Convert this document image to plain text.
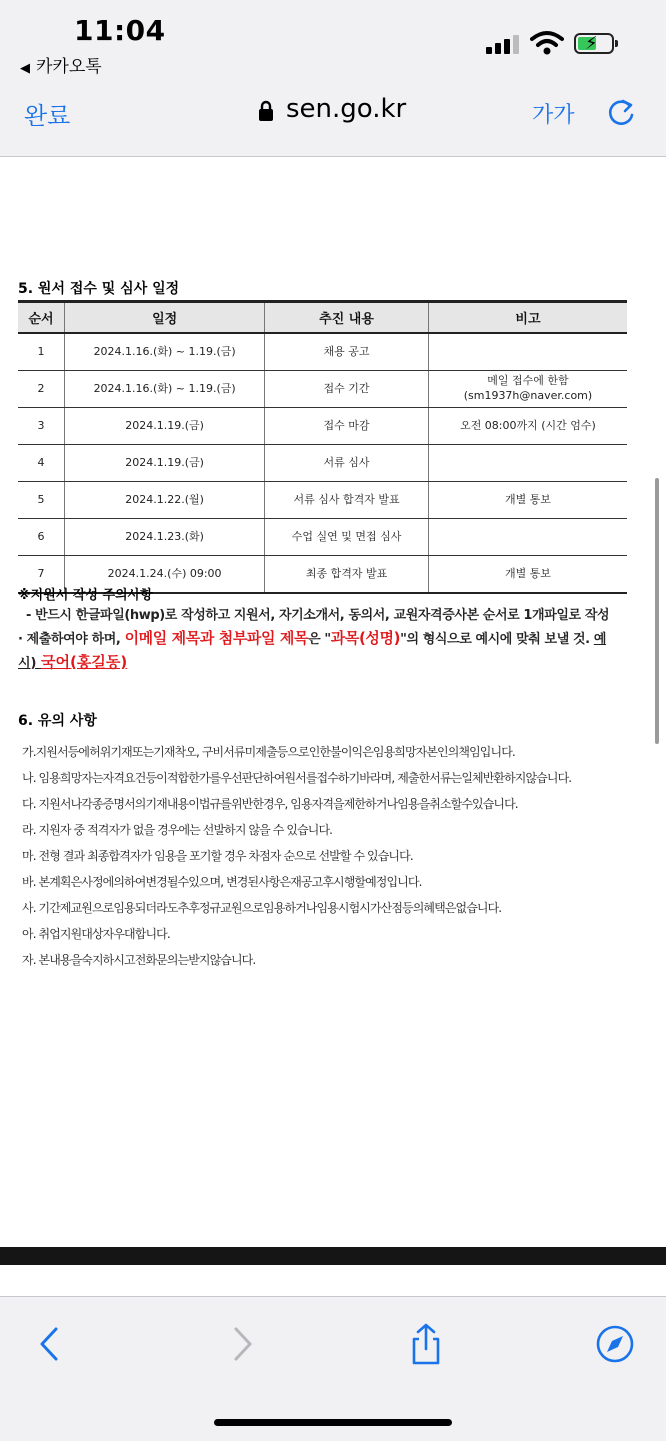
11:04
◀ 카카오톡
⚡
완료	sen.go.kr	가가
5. 원서 접수 및 심사 일정
순서	일정	추진 내용	비고
1	2024.1.16.(화) ~ 1.19.(금)	채용 공고	
2	2024.1.16.(화) ~ 1.19.(금)	접수 기간	메일 접수에 한함
(sm1937h@naver.com)

3	2024.1.19.(금)	접수 마감	오전 08:00까지 (시간 엄수)
4	2024.1.19.(금)	서류 심사	
5	2024.1.22.(월)	서류 심사 합격자 발표	개별 통보
6	2024.1.23.(화)	수업 실연 및 면접 심사	
7	2024.1.24.(수) 09:00	최종 합격자 발표	개별 통보
※지원서 작성 주의사항
- 반드시 한글파일(hwp)로 작성하고 지원서, 자기소개서, 동의서, 교원자격증사본 순서로 1개파일로 작성
· 제출하여야 하며, 이메일 제목과 첨부파일 제목은 "과목(성명)"의 형식으로 예시에 맞춰 보낼 것. 예
시) 국어(홍길동)
6. 유의 사항
가.지원서등에허위기재또는기재착오, 구비서류미제출등으로인한불이익은임용희망자본인의책임입니다.
나. 임용희망자는자격요건등이적합한가를우선판단하여원서를접수하기바라며, 제출한서류는일체반환하지않습니다.
다. 지원서나각종증명서의기재내용이법규를위반한경우, 임용자격을제한하거나임용을취소할수있습니다.
라. 지원자 중 적격자가 없을 경우에는 선발하지 않을 수 있습니다.
마. 전형 결과 최종합격자가 임용을 포기할 경우 차점자 순으로 선발할 수 있습니다.
바. 본계획은사정에의하여변경될수있으며, 변경된사항은재공고후시행할예정입니다.
사. 기간제교원으로임용되더라도추후정규교원으로임용하거나임용시험시가산점등의혜택은없습니다.
아. 취업지원대상자우대합니다.
자. 본내용을숙지하시고전화문의는받지않습니다.
